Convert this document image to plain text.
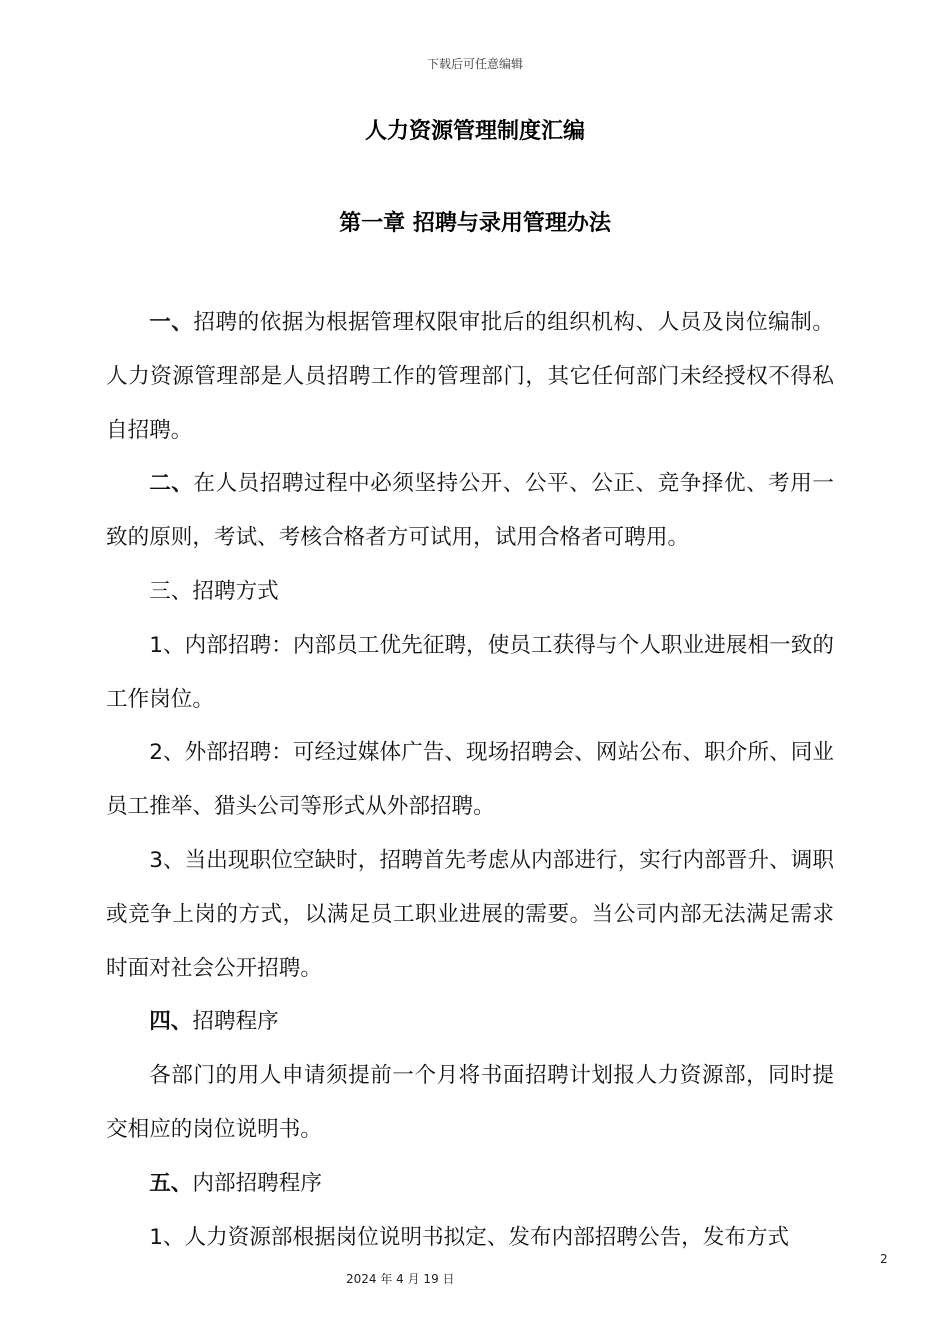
下载后可任意编辑
人力资源管理制度汇编
第一章 招聘与录用管理办法

一、招聘的依据为根据管理权限审批后的组织机构、人员及岗位编制。人力资源管理部是人员招聘工作的管理部门，其它任何部门未经授权不得私自招聘。

二、在人员招聘过程中必须坚持公开、公平、公正、竞争择优、考用一致的原则，考试、考核合格者方可试用，试用合格者可聘用。

三、招聘方式

1、内部招聘：内部员工优先征聘，使员工获得与个人职业进展相一致的工作岗位。

2、外部招聘：可经过媒体广告、现场招聘会、网站公布、职介所、同业员工推举、猎头公司等形式从外部招聘。

3、当出现职位空缺时，招聘首先考虑从内部进行，实行内部晋升、调职或竞争上岗的方式，以满足员工职业进展的需要。当公司内部无法满足需求时面对社会公开招聘。

四、招聘程序

各部门的用人申请须提前一个月将书面招聘计划报人力资源部，同时提交相应的岗位说明书。

五、内部招聘程序

1、人力资源部根据岗位说明书拟定、发布内部招聘公告，发布方式

2
2024 年 4 月 19 日
